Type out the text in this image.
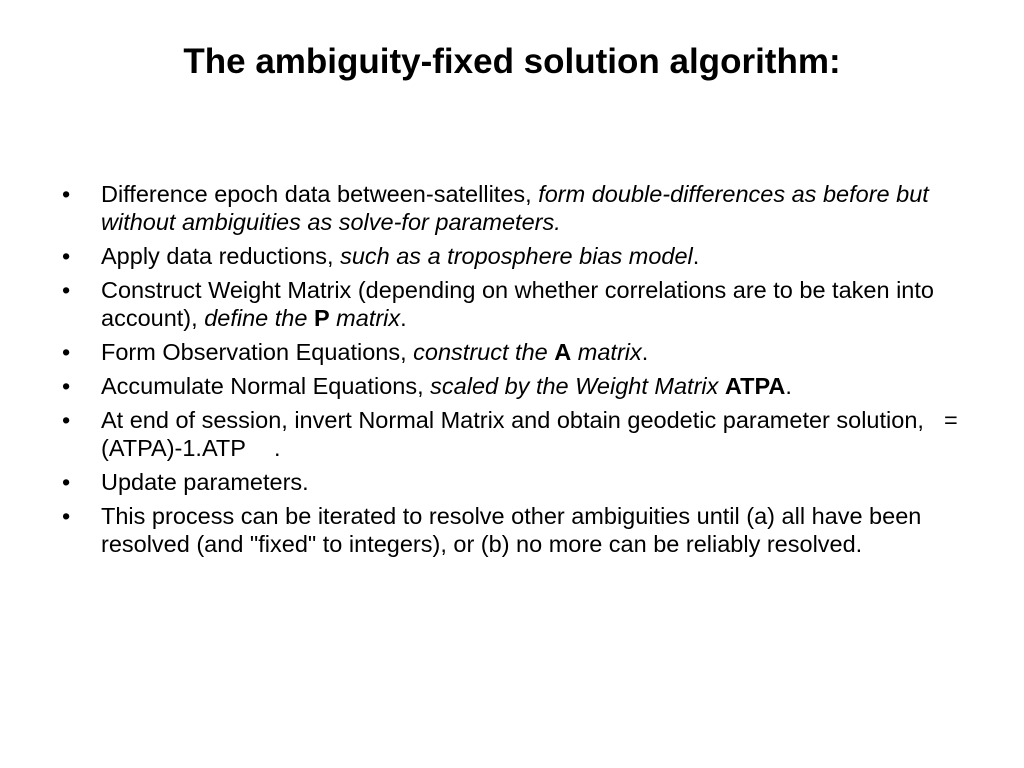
The ambiguity-fixed solution algorithm:
• Difference epoch data between-satellites, form double-differences as before but without ambiguities as solve-for parameters.
• Apply data reductions, such as a troposphere bias model.
• Construct Weight Matrix (depending on whether correlations are to be taken into account), define the P matrix.
• Form Observation Equations, construct the A matrix.
• Accumulate Normal Equations, scaled by the Weight Matrix ATPA.
• At end of session, invert Normal Matrix and obtain geodetic parameter solution, = (ATPA)-1.ATP .
• Update parameters.
• This process can be iterated to resolve other ambiguities until (a) all have been resolved (and "fixed" to integers), or (b) no more can be reliably resolved.
